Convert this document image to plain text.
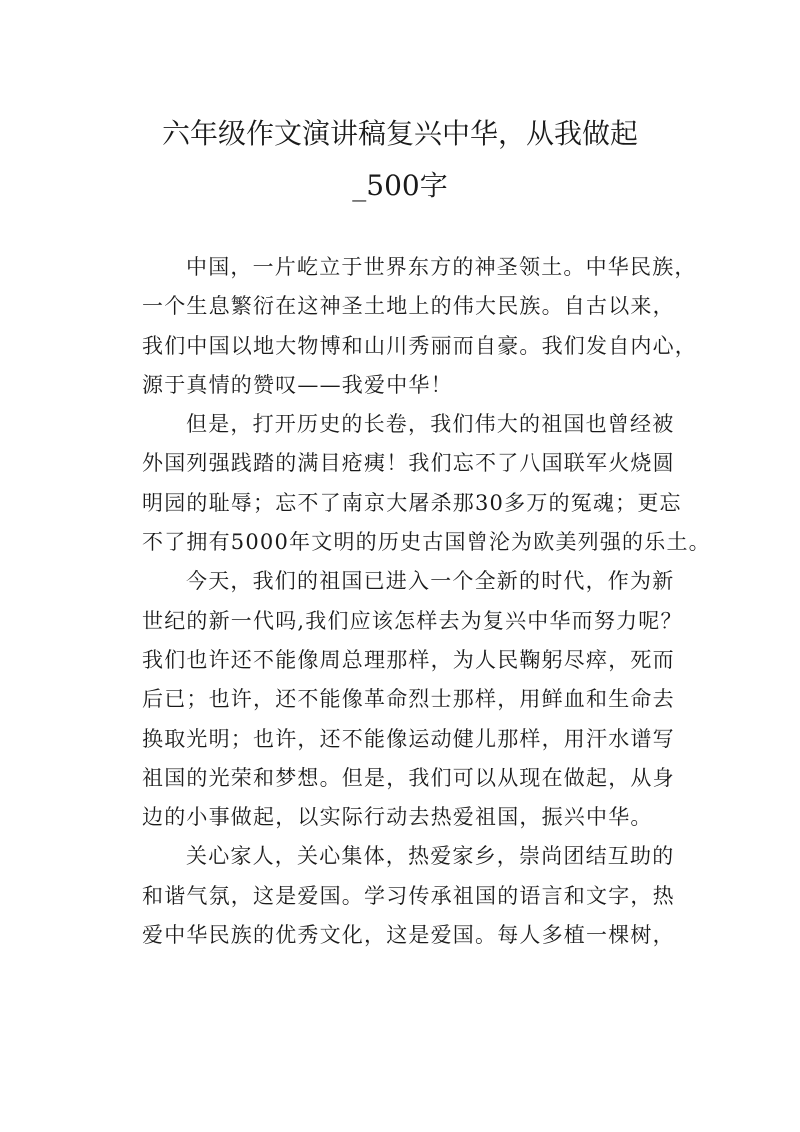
六年级作文演讲稿复兴中华，从我做起
_500字
中国，一片屹立于世界东方的神圣领土。中华民族，
一个生息繁衍在这神圣土地上的伟大民族。自古以来，
我们中国以地大物博和山川秀丽而自豪。我们发自内心，
源于真情的赞叹——我爱中华！
但是，打开历史的长卷，我们伟大的祖国也曾经被
外国列强践踏的满目疮痍！我们忘不了八国联军火烧圆
明园的耻辱；忘不了南京大屠杀那30多万的冤魂；更忘
不了拥有5000年文明的历史古国曾沦为欧美列强的乐土。
今天，我们的祖国已进入一个全新的时代，作为新
世纪的新一代吗,我们应该怎样去为复兴中华而努力呢？
我们也许还不能像周总理那样，为人民鞠躬尽瘁，死而
后已；也许，还不能像革命烈士那样，用鲜血和生命去
换取光明；也许，还不能像运动健儿那样，用汗水谱写
祖国的光荣和梦想。但是，我们可以从现在做起，从身
边的小事做起，以实际行动去热爱祖国，振兴中华。
关心家人，关心集体，热爱家乡，崇尚团结互助的
和谐气氛，这是爱国。学习传承祖国的语言和文字，热
爱中华民族的优秀文化，这是爱国。每人多植一棵树，
